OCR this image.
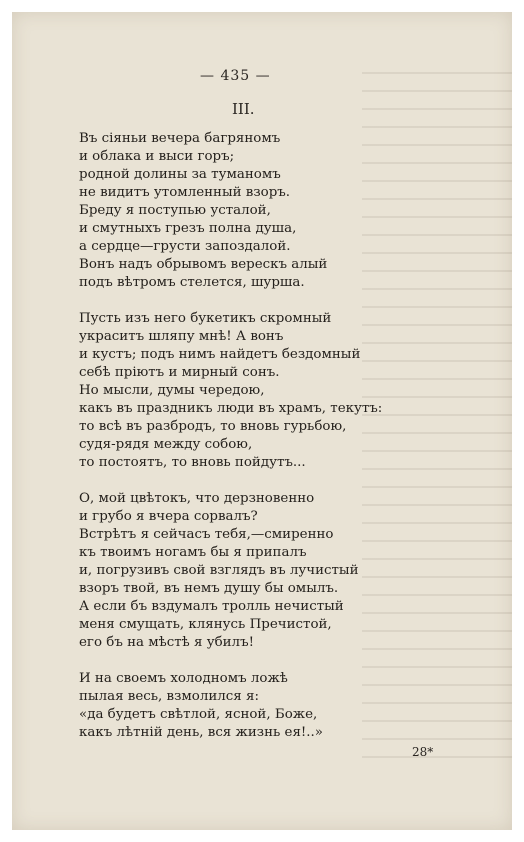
— 435 —
III.
Въ сіяньи вечера багряномъ
и облака и выси горъ;
родной долины за туманомъ
не видитъ утомленный взоръ.
Бреду я поступью усталой,
и смутныхъ грезъ полна душа,
а сердце—грусти запоздалой.
Вонъ надъ обрывомъ верескъ алый
подъ вѣтромъ стелется, шурша.
Пусть изъ него букетикъ скромный
украситъ шляпу мнѣ! А вонъ
и кустъ; подъ нимъ найдетъ бездомный
себѣ пріютъ и мирный сонъ.
Но мысли, думы чередою,
какъ въ праздникъ люди въ храмъ, текутъ:
то всѣ въ разбродъ, то вновь гурьбою,
судя-рядя между собою,
то постоятъ, то вновь пойдутъ...
О, мой цвѣтокъ, что дерзновенно
и грубо я вчера сорвалъ?
Встрѣтъ я сейчасъ тебя,—смиренно
къ твоимъ ногамъ бы я припалъ
и, погрузивъ свой взглядъ въ лучистый
взоръ твой, въ немъ душу бы омылъ.
А если бъ вздумалъ тролль нечистый
меня смущать, клянусь Пречистой,
его бъ на мѣстѣ я убилъ!
И на своемъ холодномъ ложѣ
пылая весь, взмолился я:
«да будетъ свѣтлой, ясной, Боже,
какъ лѣтній день, вся жизнь ея!..»
28*
